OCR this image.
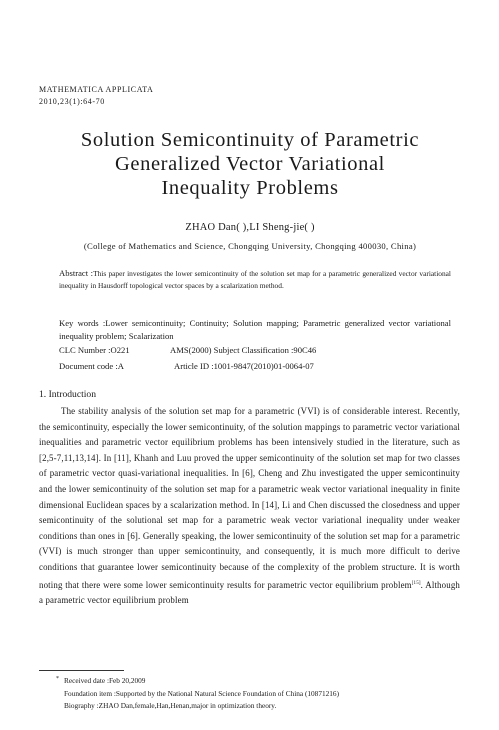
MATHEMATICA APPLICATA
2010,23(1):64-70
Solution Semicontinuity of Parametric
Generalized Vector Variational
Inequality Problems
ZHAO Dan( ),LI Sheng-jie( )
(College of Mathematics and Science, Chongqing University, Chongqing 400030, China)
Abstract :This paper investigates the lower semicontinuity of the solution set map for a parametric generalized vector variational inequality in Hausdorff topological vector spaces by a scalarization method.
Key words :Lower semicontinuity; Continuity; Solution mapping; Parametric generalized vector variational inequality problem; Scalarization
CLC Number :O221	AMS(2000) Subject Classification :90C46
Document code :A	Article ID :1001-9847(2010)01-0064-07
1. Introduction
The stability analysis of the solution set map for a parametric (VVI) is of considerable interest. Recently, the semicontinuity, especially the lower semicontinuity, of the solution mappings to parametric vector variational inequalities and parametric vector equilibrium problems has been intensively studied in the literature, such as [2,5-7,11,13,14]. In [11], Khanh and Luu proved the upper semicontinuity of the solution set map for two classes of parametric vector quasi-variational inequalities. In [6], Cheng and Zhu investigated the upper semicontinuity and the lower semicontinuity of the solution set map for a parametric weak vector variational inequality in finite dimensional Euclidean spaces by a scalarization method. In [14], Li and Chen discussed the closedness and upper semicontinuity of the solutional set map for a parametric weak vector variational inequality under weaker conditions than ones in [6]. Generally speaking, the lower semicontinuity of the solution set map for a parametric (VVI) is much stronger than upper semicontinuity, and consequently, it is much more difficult to derive conditions that guarantee lower semicontinuity because of the complexity of the problem structure. It is worth noting that there were some lower semicontinuity results for parametric vector equilibrium problem[15]. Although a parametric vector equilibrium problem
* Received date :Feb 20,2009
Foundation item :Supported by the National Natural Science Foundation of China (10871216)
Biography :ZHAO Dan,female,Han,Henan,major in optimization theory.
